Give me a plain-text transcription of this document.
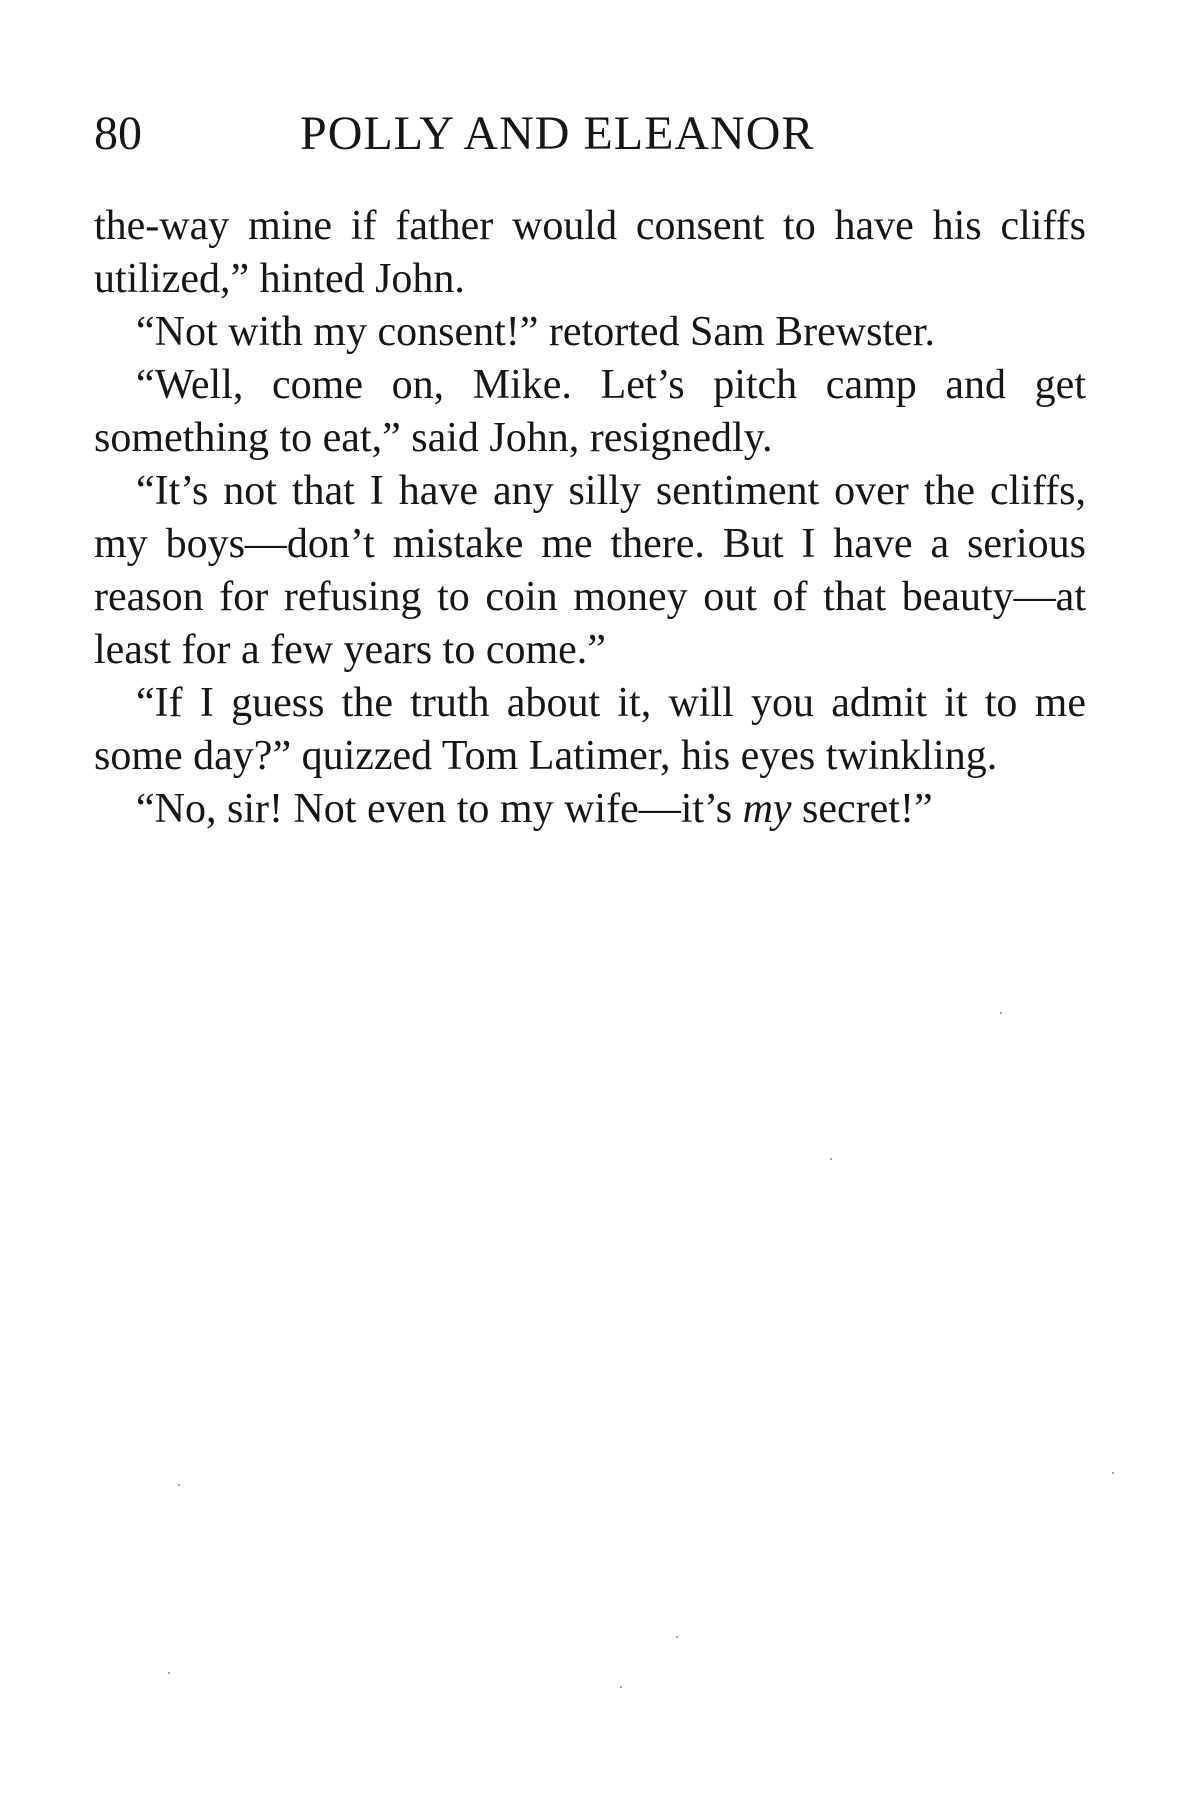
80	POLLY AND ELEANOR

the-way mine if father would consent to have his cliffs utilized,” hinted John.

“Not with my consent!” retorted Sam Brewster.

“Well, come on, Mike. Let’s pitch camp and get something to eat,” said John, resignedly.

“It’s not that I have any silly sentiment over the cliffs, my boys—don’t mistake me there. But I have a serious reason for refusing to coin money out of that beauty—at least for a few years to come.”

“If I guess the truth about it, will you admit it to me some day?” quizzed Tom Latimer, his eyes twinkling.

“No, sir! Not even to my wife—it’s my secret!”
